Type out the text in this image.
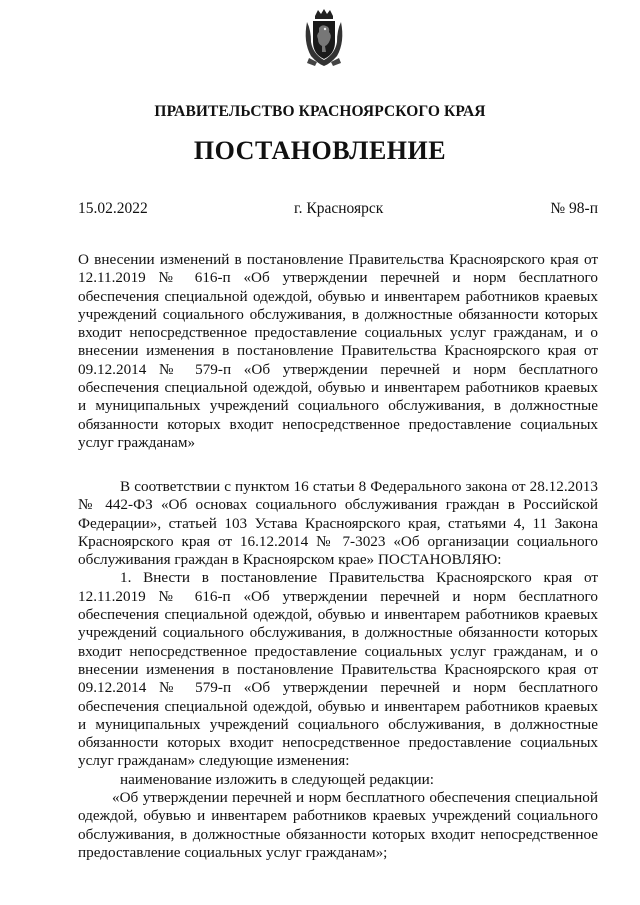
ПРАВИТЕЛЬСТВО КРАСНОЯРСКОГО КРАЯ
ПОСТАНОВЛЕНИЕ
15.02.2022	г. Красноярск	№ 98-п
О внесении изменений в постановление Правительства Красноярского края от 12.11.2019 № 616-п «Об утверждении перечней и норм бесплатного обеспечения специальной одеждой, обувью и инвентарем работников краевых учреждений социального обслуживания, в должностные обязанности которых входит непосредственное предоставление социальных услуг гражданам, и о внесении изменения в постановление Правительства Красноярского края от 09.12.2014 № 579-п «Об утверждении перечней и норм бесплатного обеспечения специальной одеждой, обувью и инвентарем работников краевых и муниципальных учреждений социального обслуживания, в должностные обязанности которых входит непосредственное предоставление социальных услуг гражданам»

В соответствии с пунктом 16 статьи 8 Федерального закона от 28.12.2013 № 442-ФЗ «Об основах социального обслуживания граждан в Российской Федерации», статьей 103 Устава Красноярского края, статьями 4, 11 Закона Красноярского края от 16.12.2014 № 7-3023 «Об организации социального обслуживания граждан в Красноярском крае» ПОСТАНОВЛЯЮ:

1. Внести в постановление Правительства Красноярского края от 12.11.2019 № 616-п «Об утверждении перечней и норм бесплатного обеспечения специальной одеждой, обувью и инвентарем работников краевых учреждений социального обслуживания, в должностные обязанности которых входит непосредственное предоставление социальных услуг гражданам, и о внесении изменения в постановление Правительства Красноярского края от 09.12.2014 № 579-п «Об утверждении перечней и норм бесплатного обеспечения специальной одеждой, обувью и инвентарем работников краевых и муниципальных учреждений социального обслуживания, в должностные обязанности которых входит непосредственное предоставление социальных услуг гражданам» следующие изменения:

наименование изложить в следующей редакции:

«Об утверждении перечней и норм бесплатного обеспечения специальной одеждой, обувью и инвентарем работников краевых учреждений социального обслуживания, в должностные обязанности которых входит непосредственное предоставление социальных услуг гражданам»;
